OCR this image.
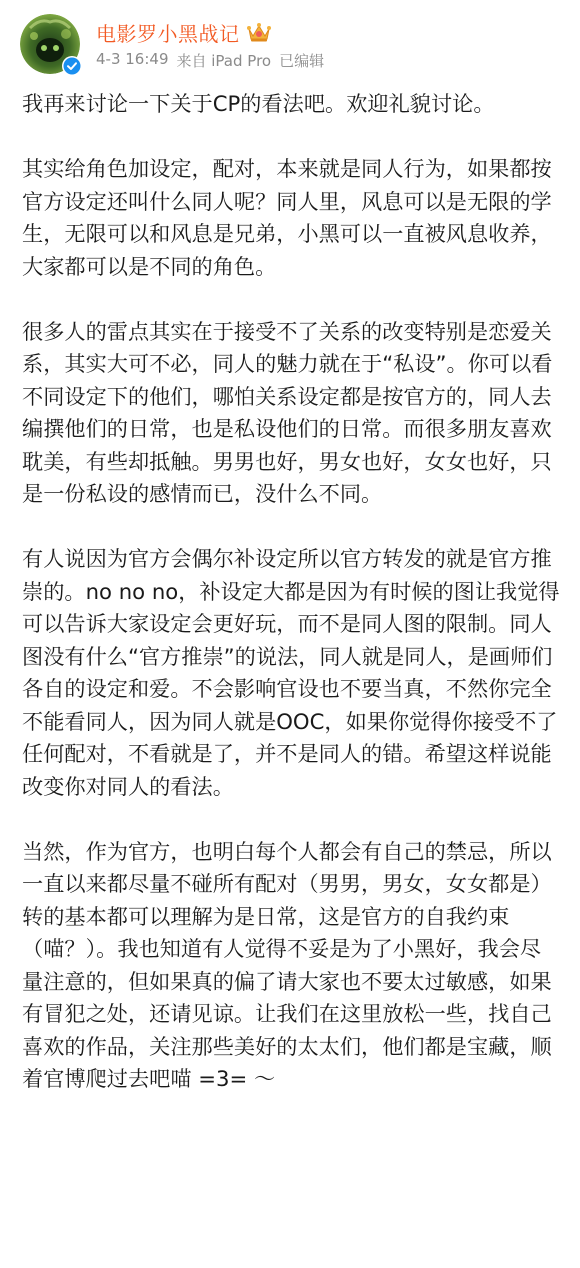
电影罗小黑战记
4-3 16:49 来自 iPad Pro 已编辑

我再来讨论一下关于CP的看法吧。欢迎礼貌讨论。

其实给角色加设定，配对，本来就是同人行为，如果都按官方设定还叫什么同人呢？同人里，风息可以是无限的学生，无限可以和风息是兄弟，小黑可以一直被风息收养，大家都可以是不同的角色。

很多人的雷点其实在于接受不了关系的改变特别是恋爱关系，其实大可不必，同人的魅力就在于“私设”。你可以看不同设定下的他们，哪怕关系设定都是按官方的，同人去编撰他们的日常，也是私设他们的日常。而很多朋友喜欢耽美，有些却抵触。男男也好，男女也好，女女也好，只是一份私设的感情而已，没什么不同。

有人说因为官方会偶尔补设定所以官方转发的就是官方推崇的。no no no，补设定大都是因为有时候的图让我觉得可以告诉大家设定会更好玩，而不是同人图的限制。同人图没有什么“官方推崇”的说法，同人就是同人，是画师们各自的设定和爱。不会影响官设也不要当真，不然你完全不能看同人，因为同人就是OOC，如果你觉得你接受不了任何配对，不看就是了，并不是同人的错。希望这样说能改变你对同人的看法。

当然，作为官方，也明白每个人都会有自己的禁忌，所以一直以来都尽量不碰所有配对（男男，男女，女女都是）转的基本都可以理解为是日常，这是官方的自我约束（喵？）。我也知道有人觉得不妥是为了小黑好，我会尽量注意的，但如果真的偏了请大家也不要太过敏感，如果有冒犯之处，还请见谅。让我们在这里放松一些，找自己喜欢的作品，关注那些美好的太太们，他们都是宝藏，顺着官博爬过去吧喵 =3= ～
